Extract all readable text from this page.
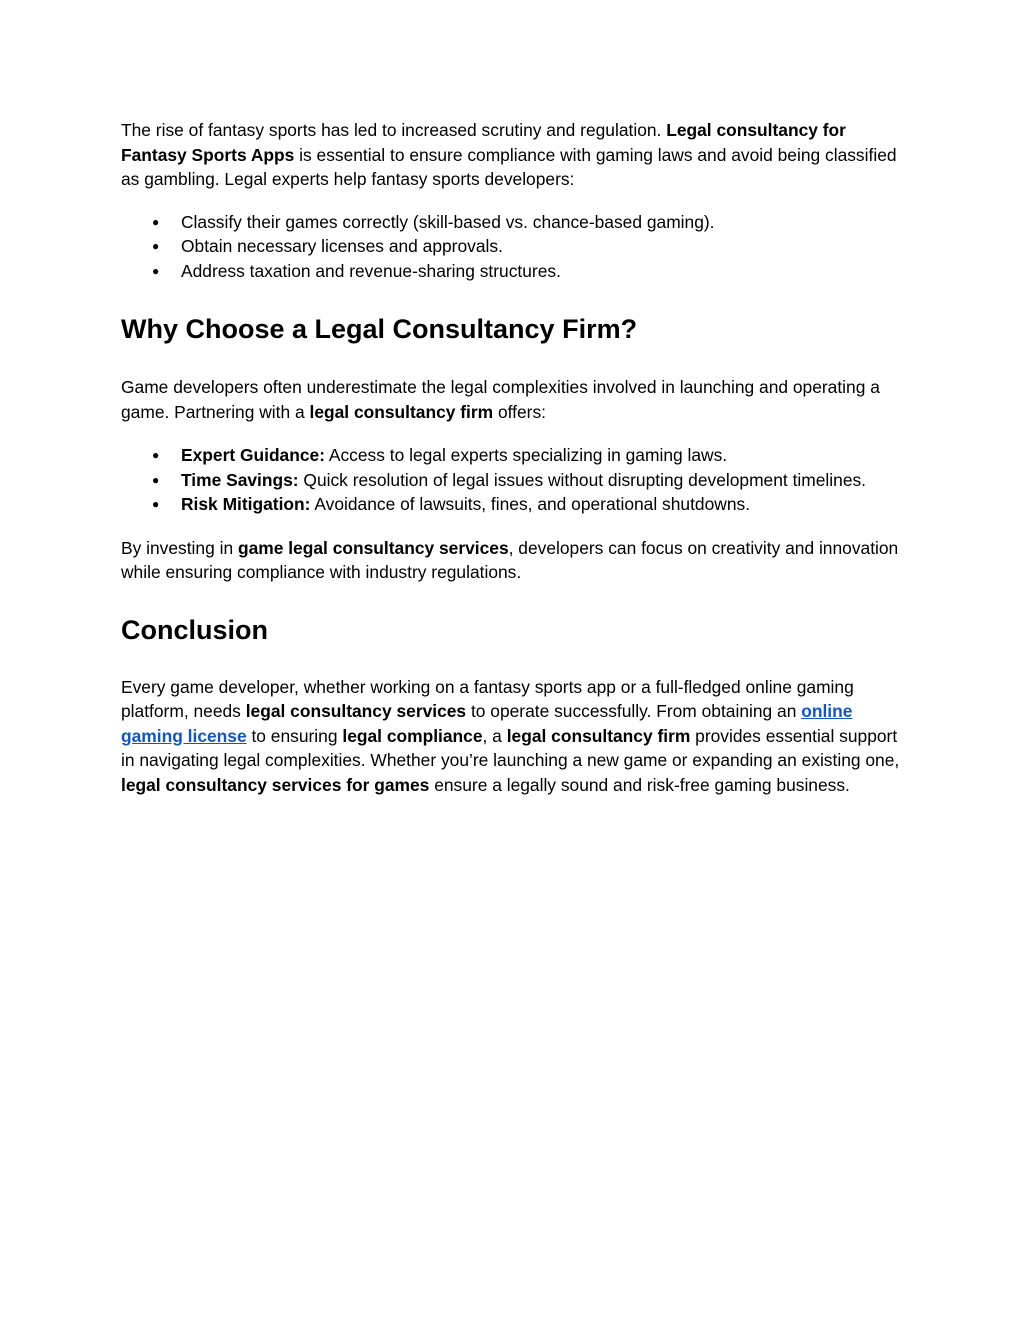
The rise of fantasy sports has led to increased scrutiny and regulation. Legal consultancy for Fantasy Sports Apps is essential to ensure compliance with gaming laws and avoid being classified as gambling. Legal experts help fantasy sports developers:

● Classify their games correctly (skill-based vs. chance-based gaming).
● Obtain necessary licenses and approvals.
● Address taxation and revenue-sharing structures.
Why Choose a Legal Consultancy Firm?

Game developers often underestimate the legal complexities involved in launching and operating a game. Partnering with a legal consultancy firm offers:

● Expert Guidance: Access to legal experts specializing in gaming laws.
● Time Savings: Quick resolution of legal issues without disrupting development timelines.
● Risk Mitigation: Avoidance of lawsuits, fines, and operational shutdowns.

By investing in game legal consultancy services, developers can focus on creativity and innovation while ensuring compliance with industry regulations.

Conclusion

Every game developer, whether working on a fantasy sports app or a full-fledged online gaming platform, needs legal consultancy services to operate successfully. From obtaining an online gaming license to ensuring legal compliance, a legal consultancy firm provides essential support in navigating legal complexities. Whether you’re launching a new game or expanding an existing one, legal consultancy services for games ensure a legally sound and risk-free gaming business.
